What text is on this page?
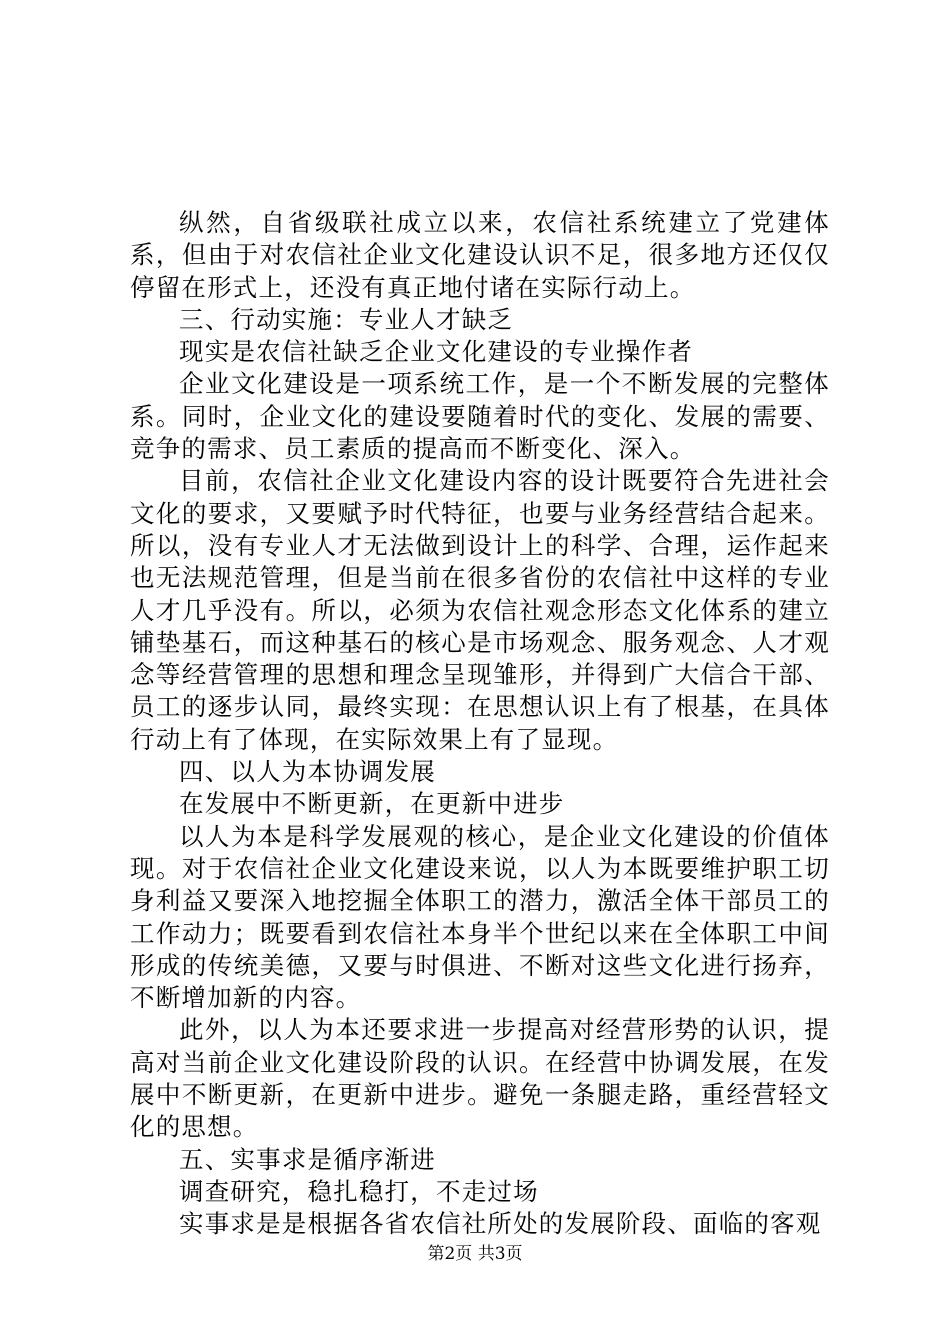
纵然，自省级联社成立以来，农信社系统建立了党建体系，但由于对农信社企业文化建设认识不足，很多地方还仅仅停留在形式上，还没有真正地付诸在实际行动上。

三、行动实施：专业人才缺乏

现实是农信社缺乏企业文化建设的专业操作者

企业文化建设是一项系统工作，是一个不断发展的完整体系。同时，企业文化的建设要随着时代的变化、发展的需要、竞争的需求、员工素质的提高而不断变化、深入。

目前，农信社企业文化建设内容的设计既要符合先进社会文化的要求，又要赋予时代特征，也要与业务经营结合起来。所以，没有专业人才无法做到设计上的科学、合理，运作起来也无法规范管理，但是当前在很多省份的农信社中这样的专业人才几乎没有。所以，必须为农信社观念形态文化体系的建立铺垫基石，而这种基石的核心是市场观念、服务观念、人才观念等经营管理的思想和理念呈现雏形，并得到广大信合干部、员工的逐步认同，最终实现：在思想认识上有了根基，在具体行动上有了体现，在实际效果上有了显现。

四、以人为本协调发展

在发展中不断更新，在更新中进步

以人为本是科学发展观的核心，是企业文化建设的价值体现。对于农信社企业文化建设来说，以人为本既要维护职工切身利益又要深入地挖掘全体职工的潜力，激活全体干部员工的工作动力；既要看到农信社本身半个世纪以来在全体职工中间形成的传统美德，又要与时俱进、不断对这些文化进行扬弃，不断增加新的内容。

此外，以人为本还要求进一步提高对经营形势的认识，提高对当前企业文化建设阶段的认识。在经营中协调发展，在发展中不断更新，在更新中进步。避免一条腿走路，重经营轻文化的思想。

五、实事求是循序渐进

调查研究，稳扎稳打，不走过场

实事求是是根据各省农信社所处的发展阶段、面临的客观

第2页 共3页
